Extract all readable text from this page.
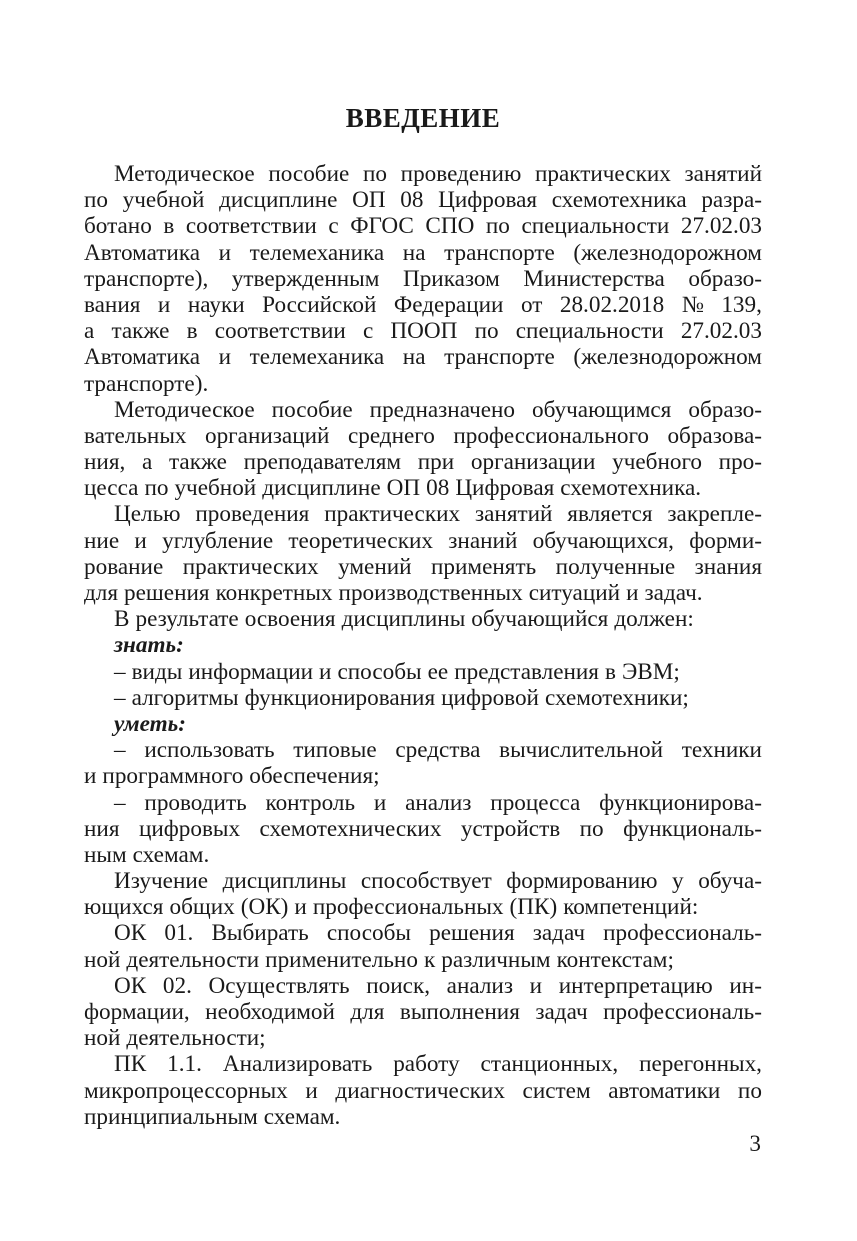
ВВЕДЕНИЕ
Методическое пособие по проведению практических занятий
по учебной дисциплине ОП 08 Цифровая схемотехника разра-
ботано в соответствии с ФГОС СПО по специальности 27.02.03
Автоматика и телемеханика на транспорте (железнодорожном
транспорте), утвержденным Приказом Министерства образо-
вания и науки Российской Федерации от 28.02.2018 № 139,
а также в соответствии с ПООП по специальности 27.02.03
Автоматика и телемеханика на транспорте (железнодорожном
транспорте).
Методическое пособие предназначено обучающимся образо-
вательных организаций среднего профессионального образова-
ния, а также преподавателям при организации учебного про-
цесса по учебной дисциплине ОП 08 Цифровая схемотехника.
Целью проведения практических занятий является закрепле-
ние и углубление теоретических знаний обучающихся, форми-
рование практических умений применять полученные знания
для решения конкретных производственных ситуаций и задач.
В результате освоения дисциплины обучающийся должен:
знать:
– виды информации и способы ее представления в ЭВМ;
– алгоритмы функционирования цифровой схемотехники;
уметь:
– использовать типовые средства вычислительной техники
и программного обеспечения;
– проводить контроль и анализ процесса функционирова-
ния цифровых схемотехнических устройств по функциональ-
ным схемам.
Изучение дисциплины способствует формированию у обуча-
ющихся общих (ОК) и профессиональных (ПК) компетенций:
ОК 01. Выбирать способы решения задач профессиональ-
ной деятельности применительно к различным контекстам;
ОК 02. Осуществлять поиск, анализ и интерпретацию ин-
формации, необходимой для выполнения задач профессиональ-
ной деятельности;
ПК 1.1. Анализировать работу станционных, перегонных,
микропроцессорных и диагностических систем автоматики по
принципиальным схемам.
3
